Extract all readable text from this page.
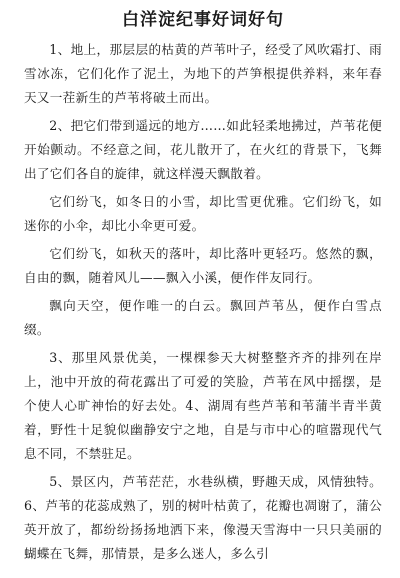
白洋淀纪事好词好句

1、地上，那层层的枯黄的芦苇叶子，经受了风吹霜打、雨雪冰冻，它们化作了泥土，为地下的芦笋根提供养料，来年春天又一茬新生的芦苇将破土而出。

2、把它们带到遥远的地方……如此轻柔地拂过，芦苇花便开始颤动。不经意之间，花儿散开了，在火红的背景下，飞舞出了它们各自的旋律，就这样漫天飘散着。

它们纷飞，如冬日的小雪，却比雪更优雅。它们纷飞，如迷你的小伞，却比小伞更可爱。

它们纷飞，如秋天的落叶，却比落叶更轻巧。悠然的飘，自由的飘，随着风儿——飘入小溪，便作伴友同行。

飘向天空，便作唯一的白云。飘回芦苇丛，便作白雪点缀。

3、那里风景优美，一棵棵参天大树整整齐齐的排列在岸上，池中开放的荷花露出了可爱的笑脸，芦苇在风中摇摆，是个使人心旷神怡的好去处。4、湖周有些芦苇和苇蒲半青半黄着，野性十足貌似幽静安宁之地，自是与市中心的喧嚣现代气息不同，不禁驻足。

5、景区内，芦苇茫茫，水巷纵横，野趣天成，风情独特。6、芦苇的花蕊成熟了，别的树叶枯黄了，花瓣也凋谢了，蒲公英开放了，都纷纷扬扬地洒下来，像漫天雪海中一只只美丽的蝴蝶在飞舞，那情景，是多么迷人，多么引
